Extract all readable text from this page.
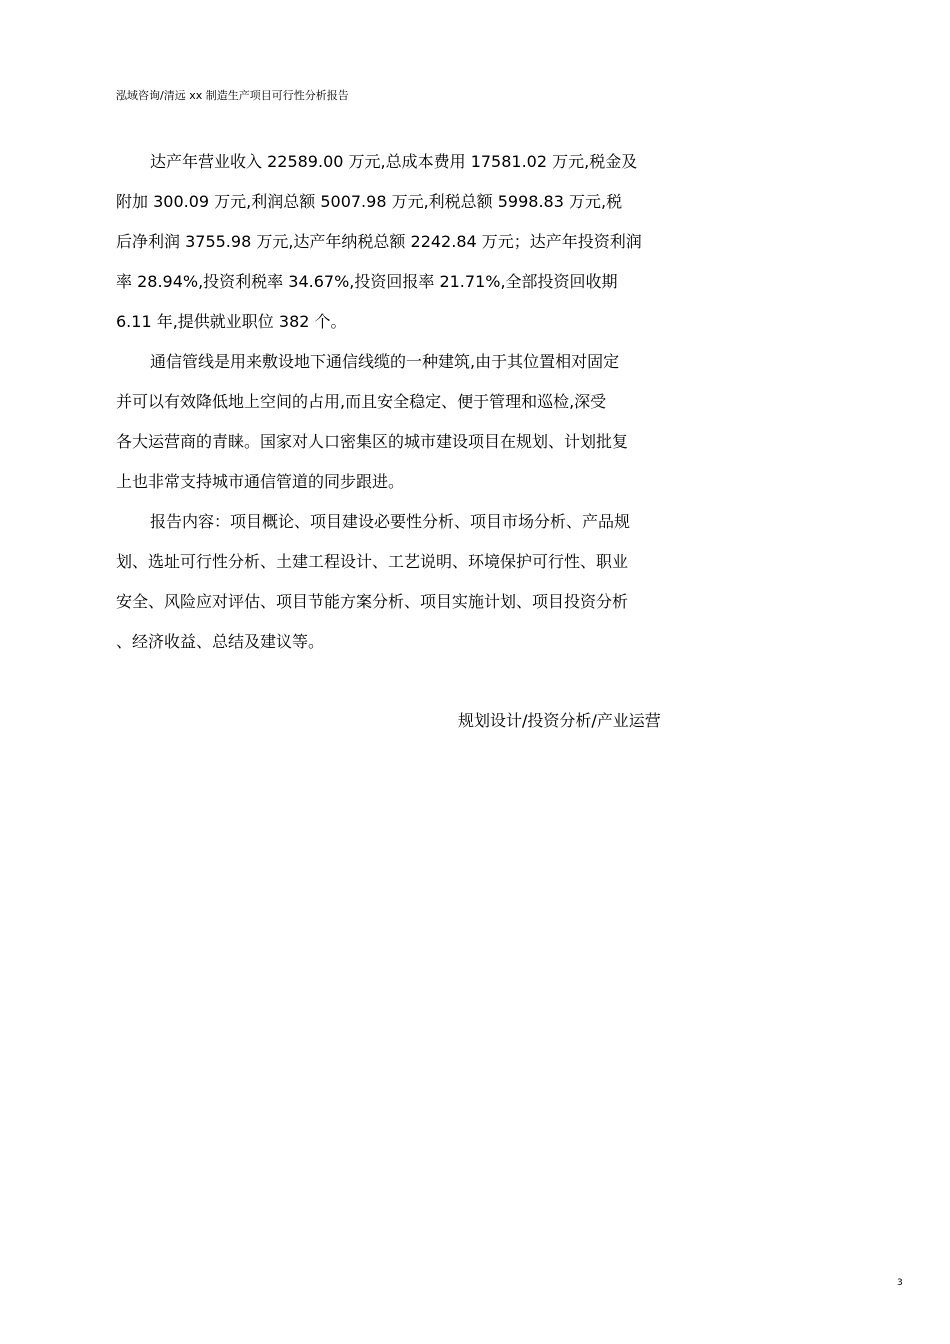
泓域咨询/清远 xx 制造生产项目可行性分析报告
达产年营业收入 22589.00 万元,总成本费用 17581.02 万元,税金及
附加 300.09 万元,利润总额 5007.98 万元,利税总额 5998.83 万元,税
后净利润 3755.98 万元,达产年纳税总额 2242.84 万元；达产年投资利润
率 28.94%,投资利税率 34.67%,投资回报率 21.71%,全部投资回收期
6.11 年,提供就业职位 382 个。
通信管线是用来敷设地下通信线缆的一种建筑,由于其位置相对固定
并可以有效降低地上空间的占用,而且安全稳定、便于管理和巡检,深受
各大运营商的青睐。国家对人口密集区的城市建设项目在规划、计划批复
上也非常支持城市通信管道的同步跟进。
报告内容：项目概论、项目建设必要性分析、项目市场分析、产品规
划、选址可行性分析、土建工程设计、工艺说明、环境保护可行性、职业
安全、风险应对评估、项目节能方案分析、项目实施计划、项目投资分析
、经济收益、总结及建议等。
规划设计/投资分析/产业运营
3
